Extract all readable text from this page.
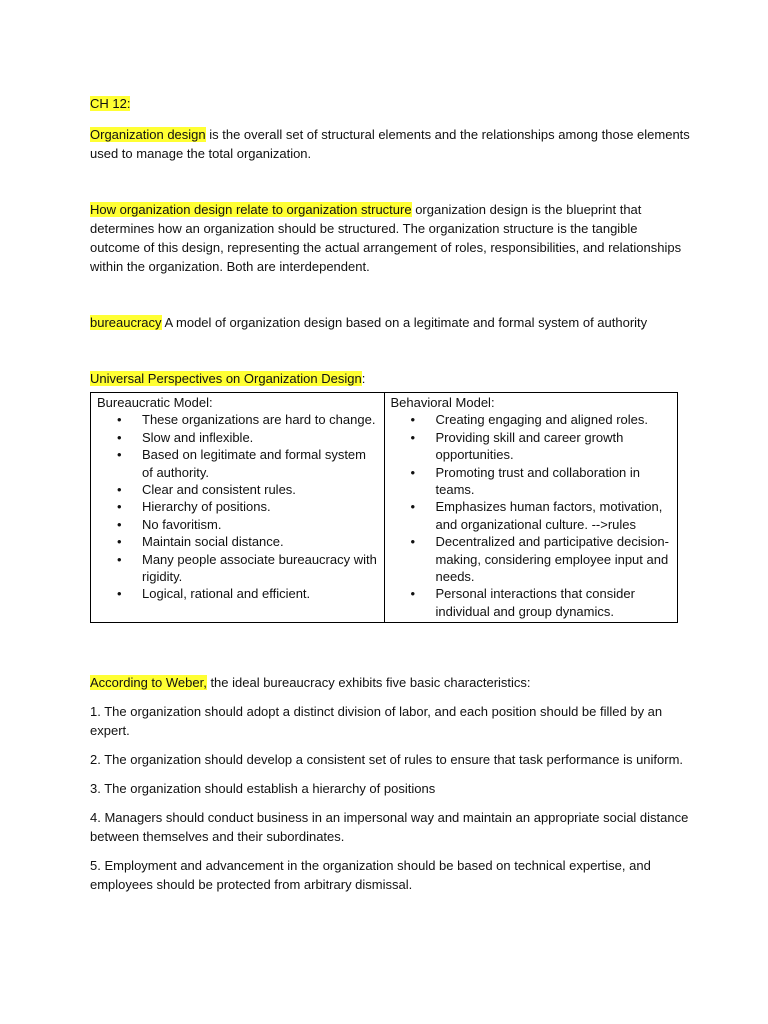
CH 12:

Organization design is the overall set of structural elements and the relationships among those elements used to manage the total organization.

How organization design relate to organization structure organization design is the blueprint that determines how an organization should be structured. The organization structure is the tangible outcome of this design, representing the actual arrangement of roles, responsibilities, and relationships within the organization. Both are interdependent.

bureaucracy A model of organization design based on a legitimate and formal system of authority

Universal Perspectives on Organization Design:

Bureaucratic Model:
• These organizations are hard to change.
• Slow and inflexible.
• Based on legitimate and formal system of authority.
• Clear and consistent rules.
• Hierarchy of positions.
• No favoritism.
• Maintain social distance.
• Many people associate bureaucracy with rigidity.
• Logical, rational and efficient.

Behavioral Model:
• Creating engaging and aligned roles.
• Providing skill and career growth opportunities.
• Promoting trust and collaboration in teams.
• Emphasizes human factors, motivation, and organizational culture. -->rules
• Decentralized and participative decision-making, considering employee input and needs.
• Personal interactions that consider individual and group dynamics.

According to Weber, the ideal bureaucracy exhibits five basic characteristics:

1. The organization should adopt a distinct division of labor, and each position should be filled by an expert.

2. The organization should develop a consistent set of rules to ensure that task performance is uniform.

3. The organization should establish a hierarchy of positions

4. Managers should conduct business in an impersonal way and maintain an appropriate social distance between themselves and their subordinates.

5. Employment and advancement in the organization should be based on technical expertise, and employees should be protected from arbitrary dismissal.
